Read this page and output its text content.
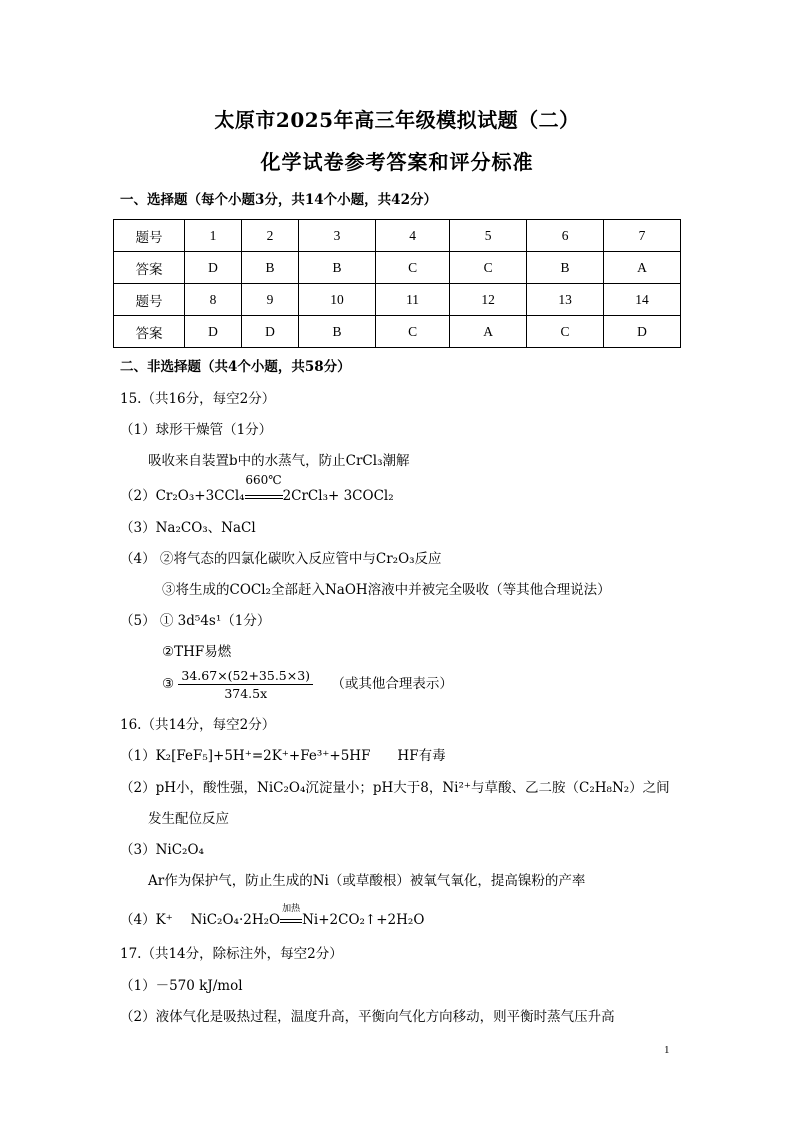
太原市2025年高三年级模拟试题（二）
化学试卷参考答案和评分标准
一、选择题（每个小题3分，共14个小题，共42分）
题号	1	2	3	4	5	6	7
答案	D	B	B	C	C	B	A
题号	8	9	10	11	12	13	14
答案	D	D	B	C	A	C	D
二、非选择题（共4个小题，共58分）
15.（共16分，每空2分）
（1）球形干燥管（1分）
吸收来自装置b中的水蒸气，防止CrCl₃潮解
（2）Cr₂O₃+3CCl₄
660℃
2CrCl₃+ 3COCl₂
（3）Na₂CO₃、NaCl
（4） ②将气态的四氯化碳吹入反应管中与Cr₂O₃反应
③将生成的COCl₂全部赶入NaOH溶液中并被完全吸收（等其他合理说法）
（5） ① 3d⁵4s¹（1分）
②THF易燃
③ $\frac{34.67\times(52+35.5\times 3)}{374.5x}$ （或其他合理表示）
16.（共14分，每空2分）
（1）K₂[FeF₅]+5H⁺=2K⁺+Fe³⁺+5HF　　HF有毒
（2）pH小，酸性强，NiC₂O₄沉淀量小；pH大于8，Ni²⁺与草酸、乙二胺（C₂H₈N₂）之间
发生配位反应
（3）NiC₂O₄
Ar作为保护气，防止生成的Ni（或草酸根）被氧气氧化，提高镍粉的产率
（4）K⁺　 NiC₂O₄·2H₂O
加热
Ni+2CO₂↑+2H₂O
17.（共14分，除标注外，每空2分）
（1）－570 kJ/mol
（2）液体气化是吸热过程，温度升高，平衡向气化方向移动，则平衡时蒸气压升高
1
